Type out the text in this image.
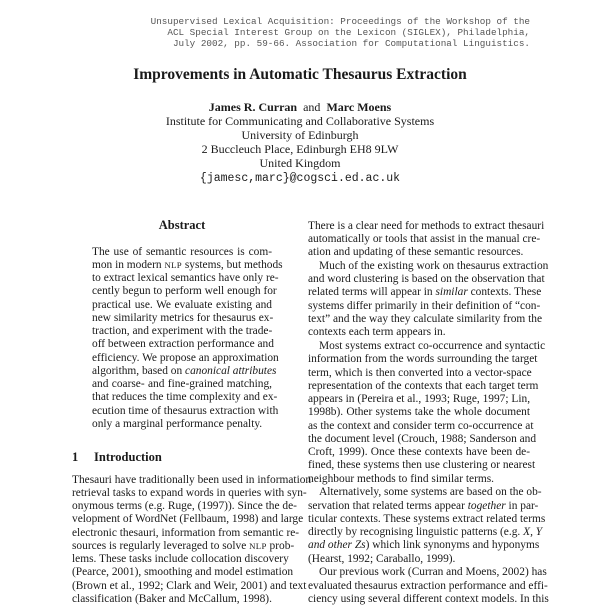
Unsupervised Lexical Acquisition: Proceedings of the Workshop of the
ACL Special Interest Group on the Lexicon (SIGLEX), Philadelphia,
July 2002, pp. 59-66. Association for Computational Linguistics.
Improvements in Automatic Thesaurus Extraction
James R. Curran and Marc Moens
Institute for Communicating and Collaborative Systems
University of Edinburgh
2 Buccleuch Place, Edinburgh EH8 9LW
United Kingdom
{jamesc,marc}@cogsci.ed.ac.uk
Abstract
The use of semantic resources is com-
mon in modern NLP systems, but methods
to extract lexical semantics have only re-
cently begun to perform well enough for
practical use. We evaluate existing and
new similarity metrics for thesaurus ex-
traction, and experiment with the trade-
off between extraction performance and
efficiency. We propose an approximation
algorithm, based on canonical attributes
and coarse- and fine-grained matching,
that reduces the time complexity and ex-
ecution time of thesaurus extraction with
only a marginal performance penalty.
1 Introduction
Thesauri have traditionally been used in information
retrieval tasks to expand words in queries with syn-
onymous terms (e.g. Ruge, (1997)). Since the de-
velopment of WordNet (Fellbaum, 1998) and large
electronic thesauri, information from semantic re-
sources is regularly leveraged to solve NLP prob-
lems. These tasks include collocation discovery
(Pearce, 2001), smoothing and model estimation
(Brown et al., 1992; Clark and Weir, 2001) and text
classification (Baker and McCallum, 1998).
There is a clear need for methods to extract thesauri
automatically or tools that assist in the manual cre-
ation and updating of these semantic resources.
Much of the existing work on thesaurus extraction
and word clustering is based on the observation that
related terms will appear in similar contexts. These
systems differ primarily in their definition of “con-
text” and the way they calculate similarity from the
contexts each term appears in.
Most systems extract co-occurrence and syntactic
information from the words surrounding the target
term, which is then converted into a vector-space
representation of the contexts that each target term
appears in (Pereira et al., 1993; Ruge, 1997; Lin,
1998b). Other systems take the whole document
as the context and consider term co-occurrence at
the document level (Crouch, 1988; Sanderson and
Croft, 1999). Once these contexts have been de-
fined, these systems then use clustering or nearest
neighbour methods to find similar terms.
Alternatively, some systems are based on the ob-
servation that related terms appear together in par-
ticular contexts. These systems extract related terms
directly by recognising linguistic patterns (e.g. X, Y
and other Zs) which link synonyms and hyponyms
(Hearst, 1992; Caraballo, 1999).
Our previous work (Curran and Moens, 2002) has
evaluated thesaurus extraction performance and effi-
ciency using several different context models. In this
